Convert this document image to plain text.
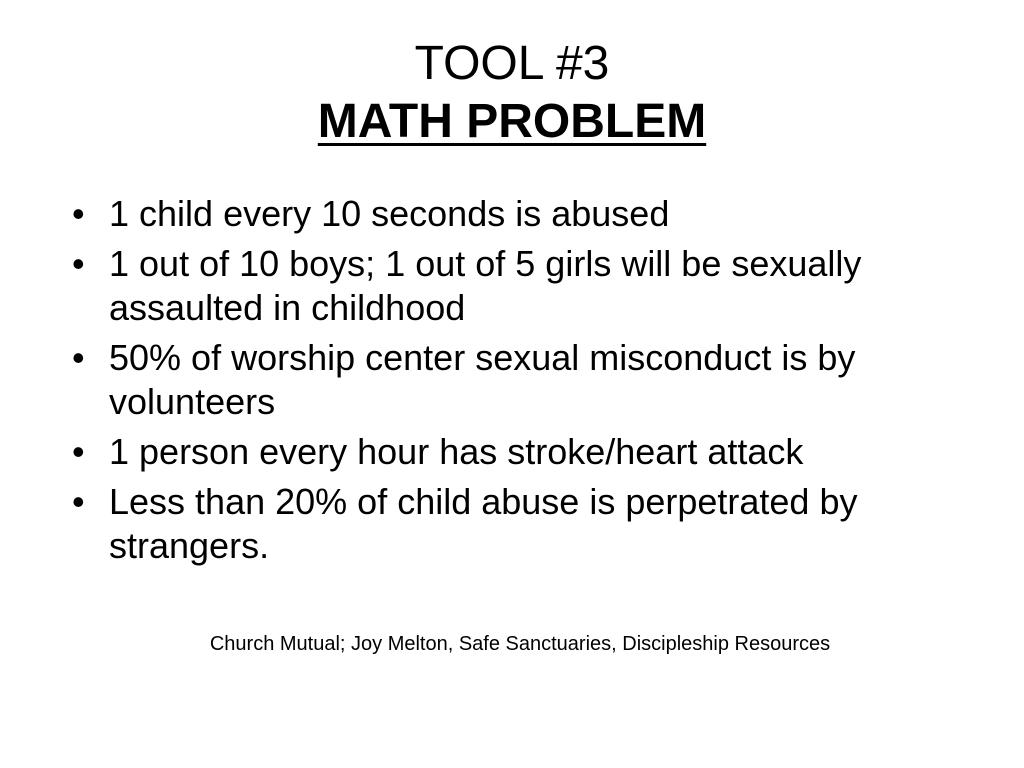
TOOL #3

MATH PROBLEM

• 1 child every 10 seconds is abused
• 1 out of 10 boys; 1 out of 5 girls will be sexually assaulted in childhood
• 50% of worship center sexual misconduct is by volunteers
• 1 person every hour has stroke/heart attack
• Less than 20% of child abuse is perpetrated by strangers.
Church Mutual; Joy Melton, Safe Sanctuaries, Discipleship Resources
